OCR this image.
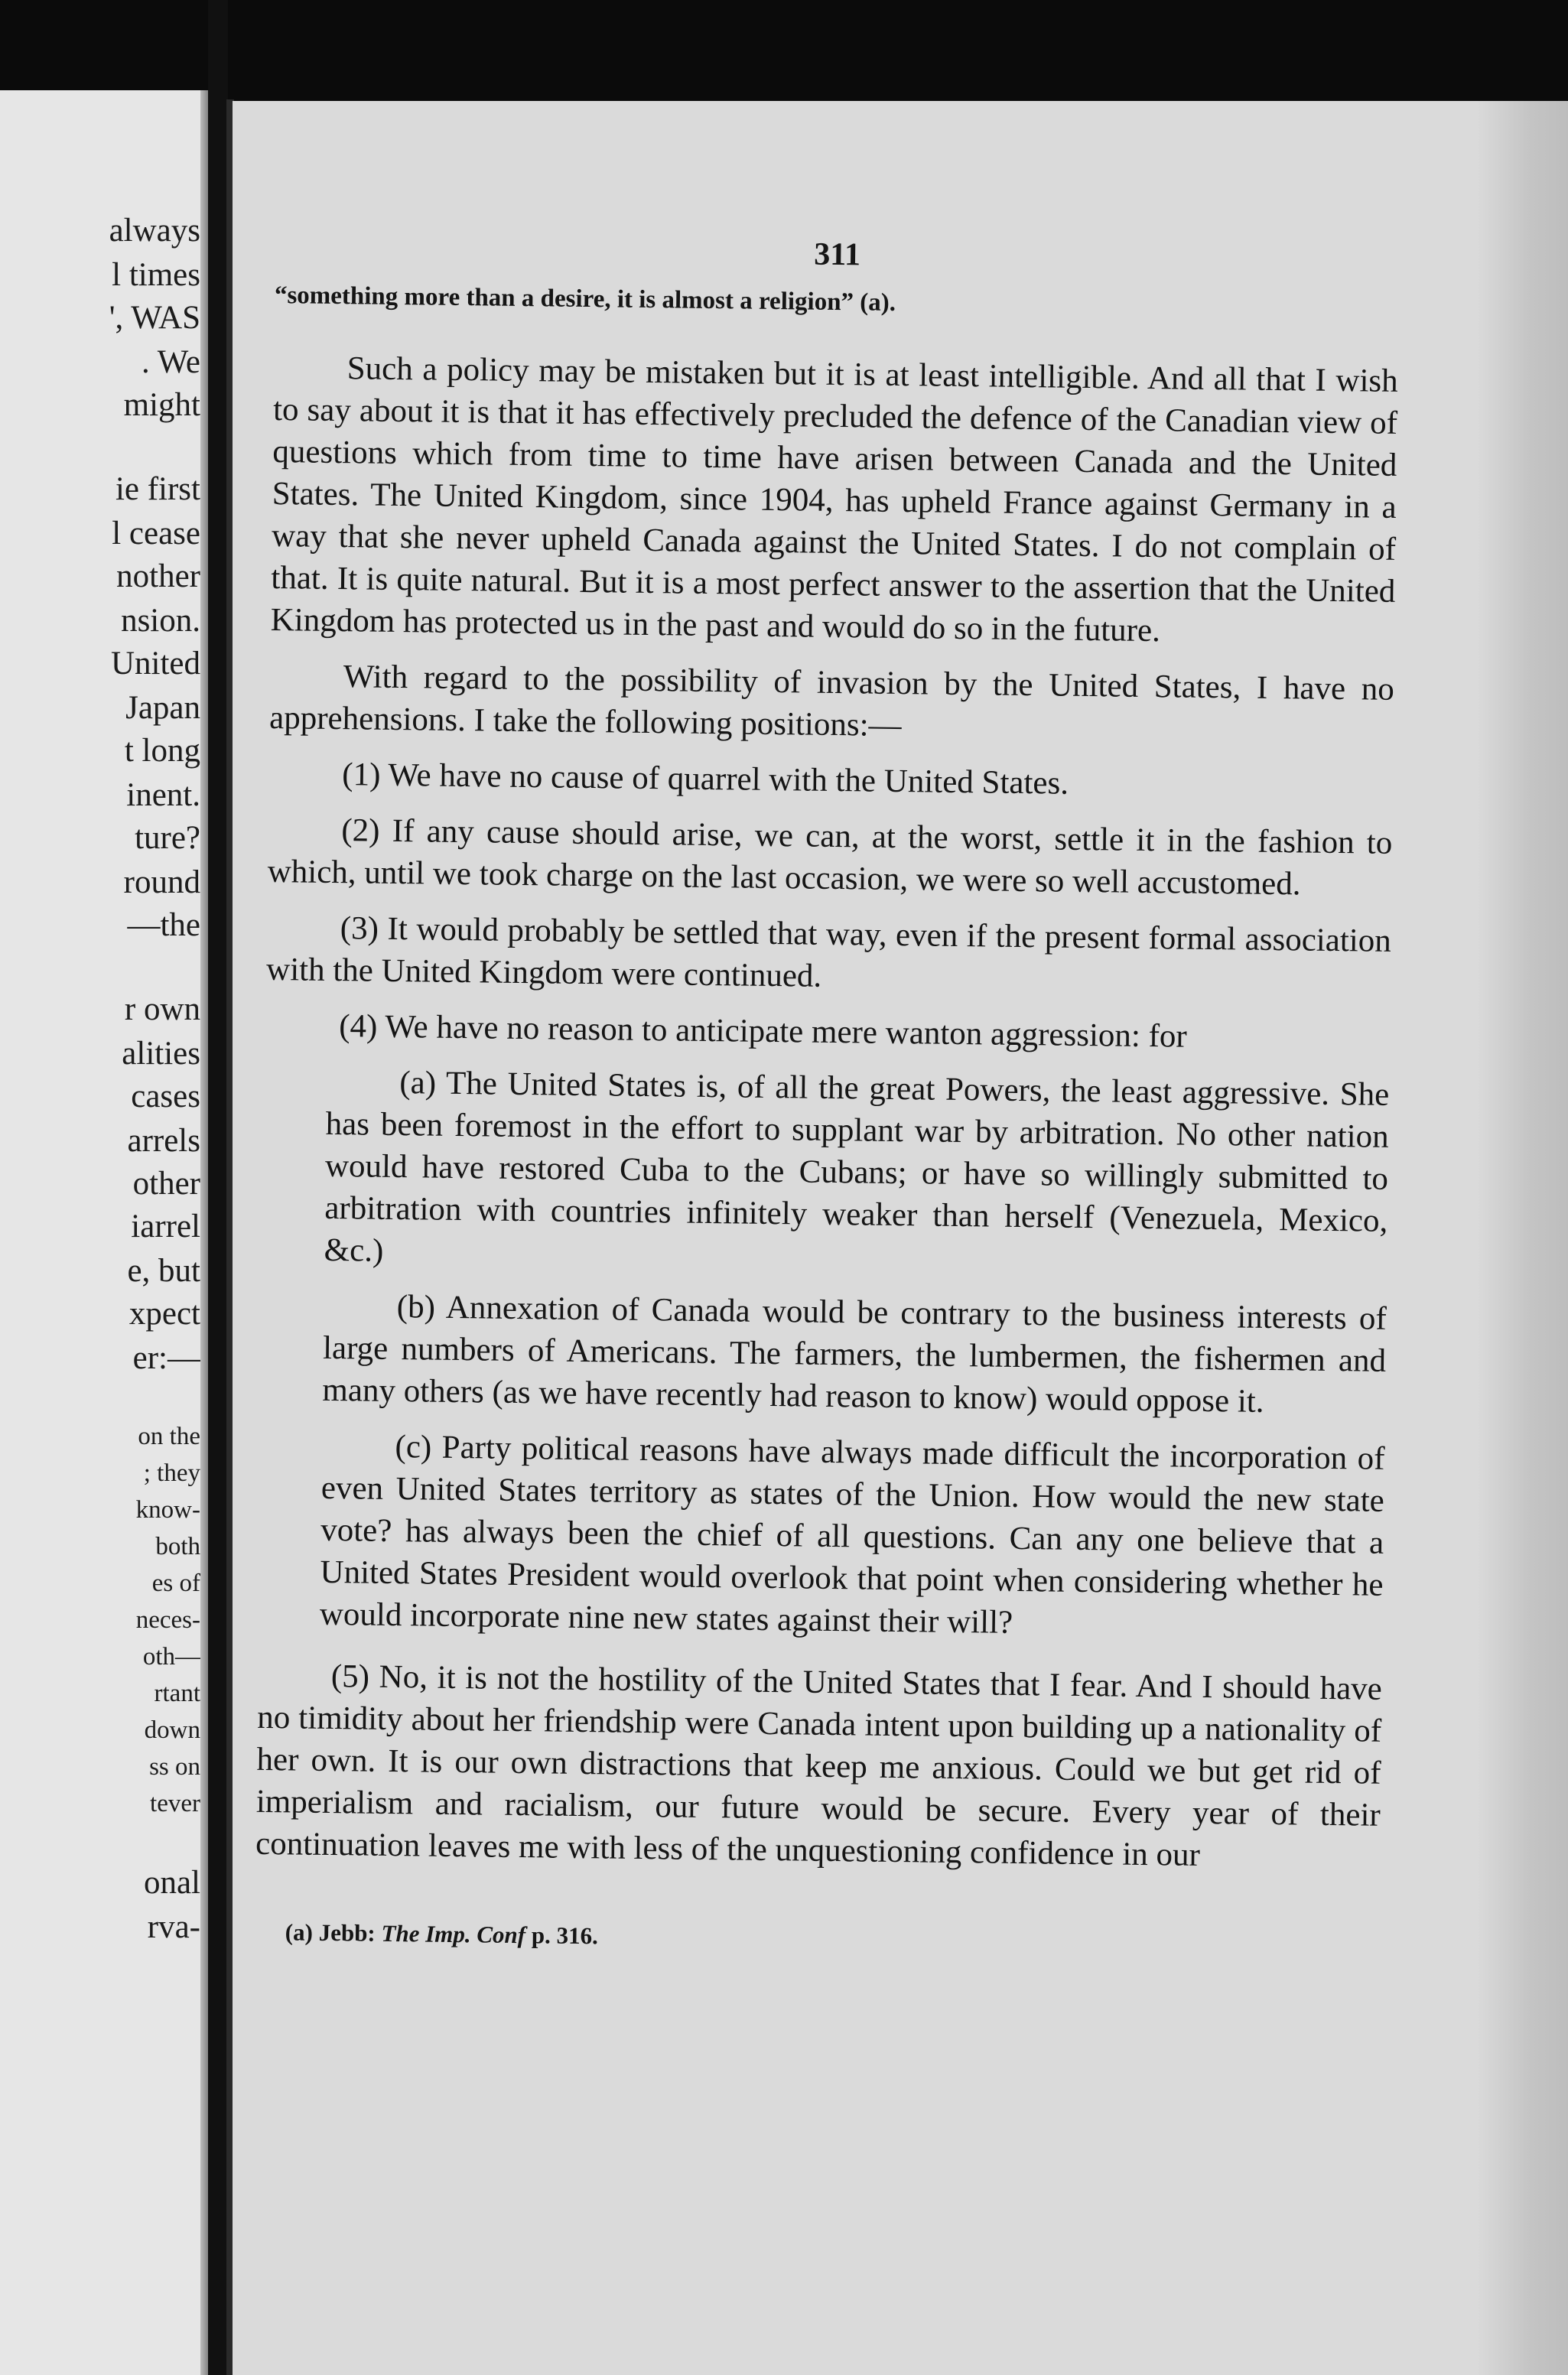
always
l times
', WAS
. We
might
ie first
l cease
nother
nsion.
United
Japan
t long
inent.
ture?
round
—the
r own
alities
cases
arrels
other
iarrel
e, but
xpect
er:—
on the
; they
know-
both
es of
neces-
oth—
rtant
down
ss on
tever
onal
rva-
311
“something more than a desire, it is almost a religion” (a).

Such a policy may be mistaken but it is at least intelligible. And all that I wish to say about it is that it has effectively precluded the defence of the Canadian view of questions which from time to time have arisen between Canada and the United States. The United Kingdom, since 1904, has upheld France against Germany in a way that she never upheld Canada against the United States. I do not complain of that. It is quite natural. But it is a most perfect answer to the assertion that the United Kingdom has protected us in the past and would do so in the future.

With regard to the possibility of invasion by the United States, I have no apprehensions. I take the following positions:—

(1) We have no cause of quarrel with the United States.

(2) If any cause should arise, we can, at the worst, settle it in the fashion to which, until we took charge on the last occasion, we were so well accustomed.

(3) It would probably be settled that way, even if the present formal association with the United Kingdom were continued.

(4) We have no reason to anticipate mere wanton aggression: for

(a) The United States is, of all the great Powers, the least aggressive. She has been foremost in the effort to supplant war by arbitration. No other nation would have restored Cuba to the Cubans; or have so willingly submitted to arbitration with countries infinitely weaker than herself (Venezuela, Mexico, &c.)

(b) Annexation of Canada would be contrary to the business interests of large numbers of Americans. The farmers, the lumbermen, the fishermen and many others (as we have recently had reason to know) would oppose it.

(c) Party political reasons have always made difficult the incorporation of even United States territory as states of the Union. How would the new state vote? has always been the chief of all questions. Can any one believe that a United States President would overlook that point when considering whether he would incorporate nine new states against their will?

(5) No, it is not the hostility of the United States that I fear. And I should have no timidity about her friendship were Canada intent upon building up a nationality of her own. It is our own distractions that keep me anxious. Could we but get rid of imperialism and racialism, our future would be secure. Every year of their continuation leaves me with less of the unquestioning confidence in our

(a) Jebb: The Imp. Conf p. 316.
